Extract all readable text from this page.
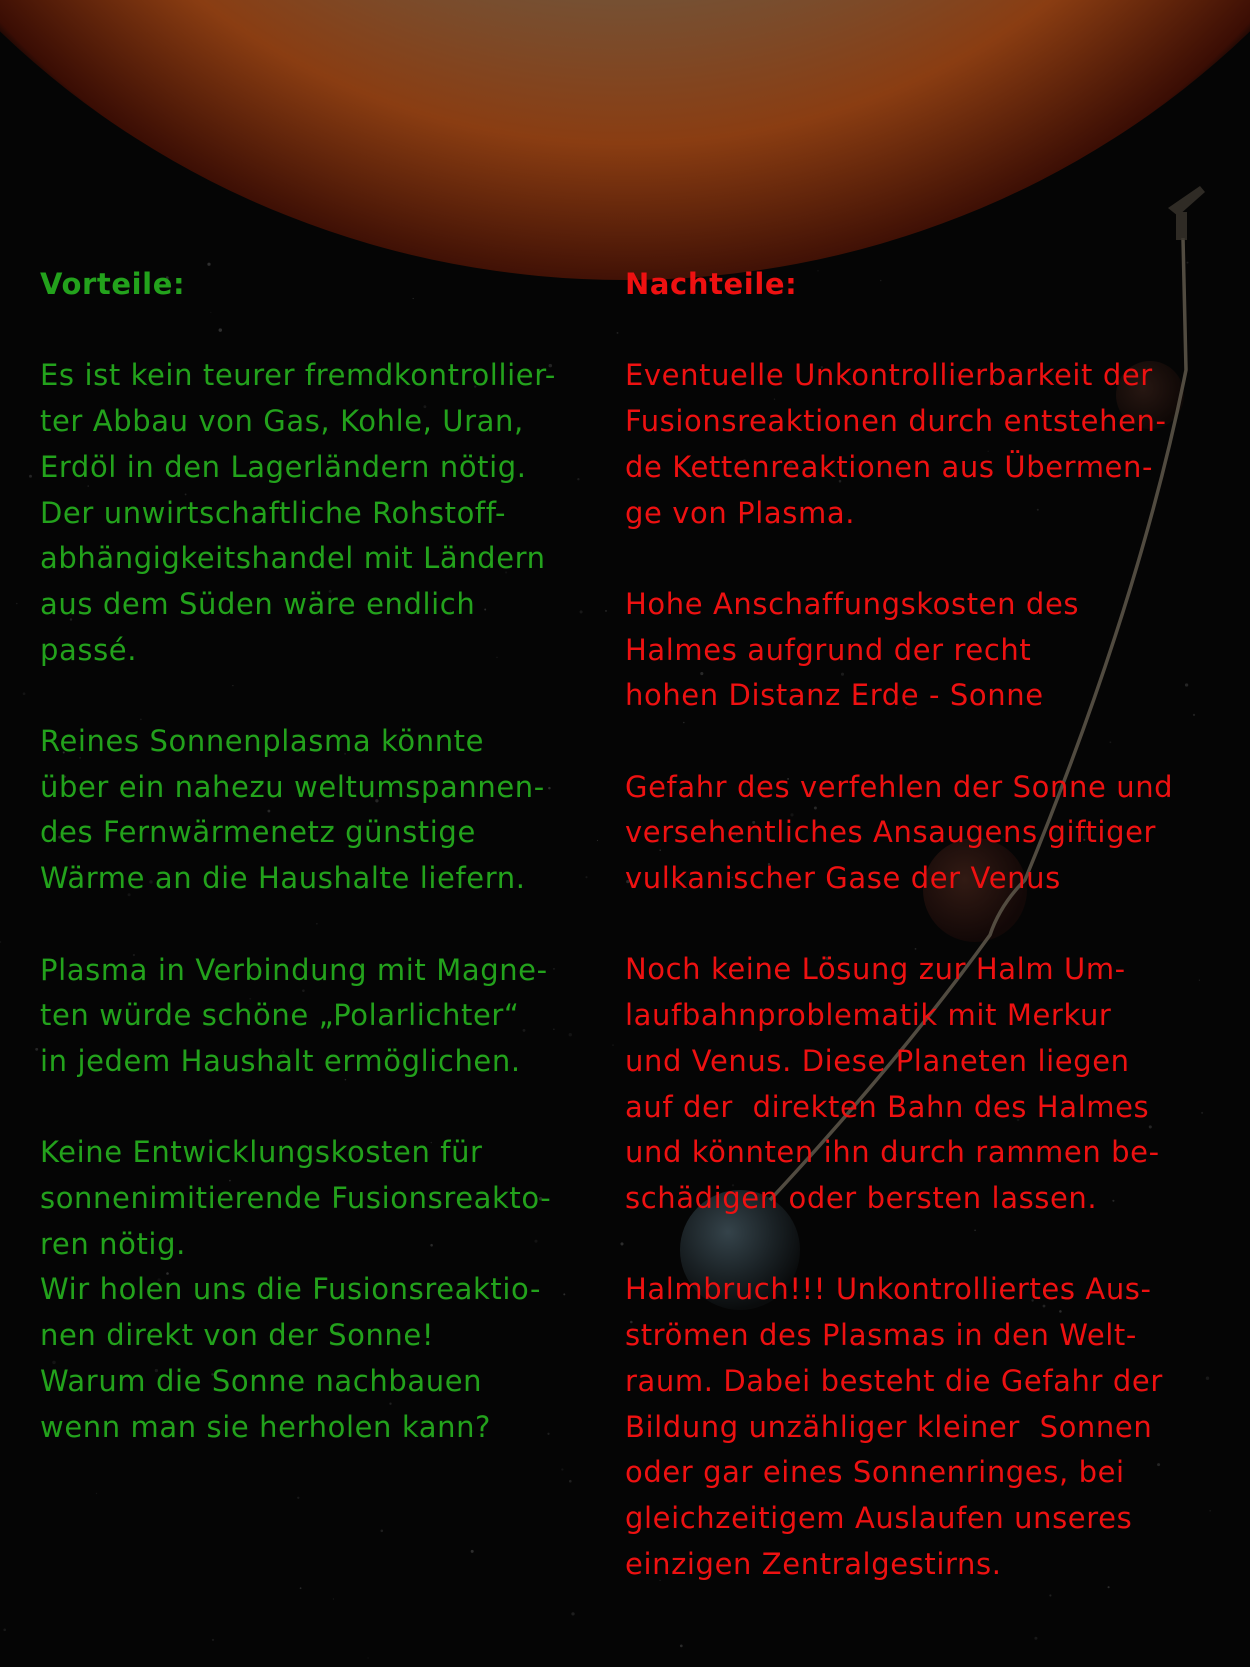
Vorteile:
Es ist kein teurer fremdkontrollier-
ter Abbau von Gas, Kohle, Uran,
Erdöl in den Lagerländern nötig.
Der unwirtschaftliche Rohstoff-
abhängigkeitshandel mit Ländern
aus dem Süden wäre endlich
passé.
Reines Sonnenplasma könnte
über ein nahezu weltumspannen-
des Fernwärmenetz günstige
Wärme an die Haushalte liefern.
Plasma in Verbindung mit Magne-
ten würde schöne „Polarlichter“
in jedem Haushalt ermöglichen.
Keine Entwicklungskosten für
sonnenimitierende Fusionsreakto-
ren nötig.
Wir holen uns die Fusionsreaktio-
nen direkt von der Sonne!
Warum die Sonne nachbauen
wenn man sie herholen kann?
Nachteile:
Eventuelle Unkontrollierbarkeit der
Fusionsreaktionen durch entstehen-
de Kettenreaktionen aus Übermen-
ge von Plasma.
Hohe Anschaffungskosten des
Halmes aufgrund der recht
hohen Distanz Erde - Sonne
Gefahr des verfehlen der Sonne und
versehentliches Ansaugens giftiger
vulkanischer Gase der Venus
Noch keine Lösung zur Halm Um-
laufbahnproblematik mit Merkur
und Venus. Diese Planeten liegen
auf der  direkten Bahn des Halmes
und könnten ihn durch rammen be-
schädigen oder bersten lassen.
Halmbruch!!! Unkontrolliertes Aus-
strömen des Plasmas in den Welt-
raum. Dabei besteht die Gefahr der
Bildung unzähliger kleiner  Sonnen
oder gar eines Sonnenringes, bei
gleichzeitigem Auslaufen unseres
einzigen Zentralgestirns.
